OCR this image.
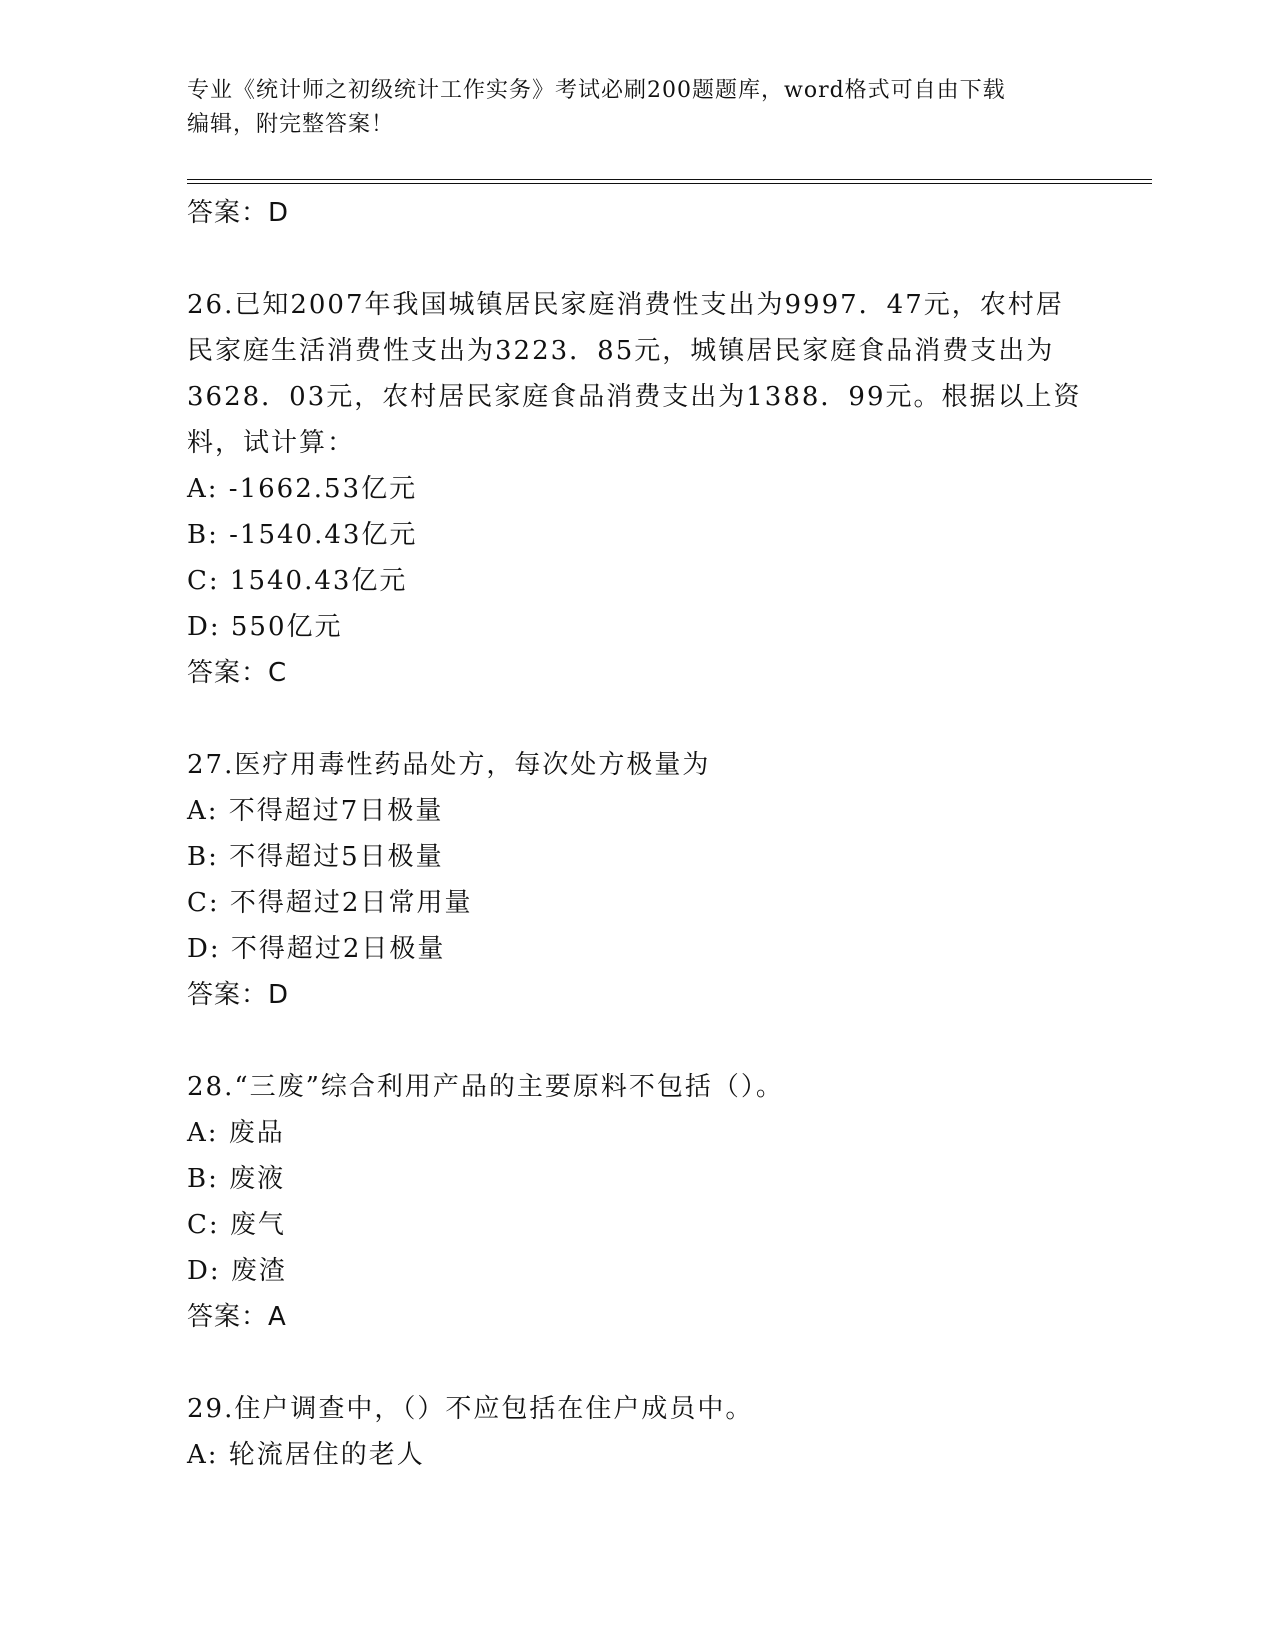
专业《统计师之初级统计工作实务》考试必刷200题题库，word格式可自由下载
编辑，附完整答案！
答案：D
26.已知2007年我国城镇居民家庭消费性支出为9997．47元，农村居
民家庭生活消费性支出为3223．85元，城镇居民家庭食品消费支出为
3628．03元，农村居民家庭食品消费支出为1388．99元。根据以上资
料，试计算：
A: -1662.53亿元
B: -1540.43亿元
C: 1540.43亿元
D: 550亿元
答案：C
27.医疗用毒性药品处方，每次处方极量为
A: 不得超过7日极量
B: 不得超过5日极量
C: 不得超过2日常用量
D: 不得超过2日极量
答案：D
28.“三废”综合利用产品的主要原料不包括（）。
A: 废品
B: 废液
C: 废气
D: 废渣
答案：A
29.住户调查中，（）不应包括在住户成员中。
A: 轮流居住的老人
